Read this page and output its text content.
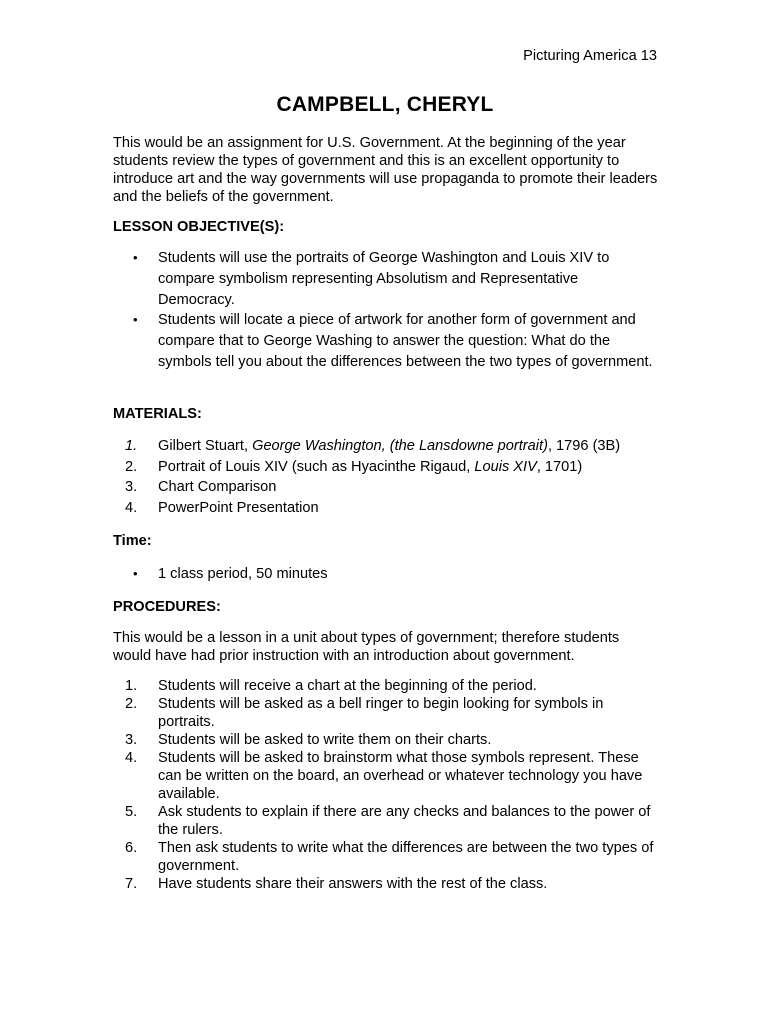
Picturing America 13
CAMPBELL, CHERYL

This would be an assignment for U.S. Government. At the beginning of the year students review the types of government and this is an excellent opportunity to introduce art and the way governments will use propaganda to promote their leaders and the beliefs of the government.

LESSON OBJECTIVE(S):
•	Students will use the portraits of George Washington and Louis XIV to compare symbolism representing Absolutism and Representative Democracy.
•	Students will locate a piece of artwork for another form of government and compare that to George Washing to answer the question: What do the symbols tell you about the differences between the two types of government.
MATERIALS:
1.	Gilbert Stuart, George Washington, (the Lansdowne portrait), 1796 (3B)
2.	Portrait of Louis XIV (such as Hyacinthe Rigaud, Louis XIV, 1701)
3.	Chart Comparison
4.	PowerPoint Presentation
Time:
•	1 class period, 50 minutes
PROCEDURES:

This would be a lesson in a unit about types of government; therefore students would have had prior instruction with an introduction about government.

1.	Students will receive a chart at the beginning of the period.
2.	Students will be asked as a bell ringer to begin looking for symbols in portraits.
3.	Students will be asked to write them on their charts.
4.	Students will be asked to brainstorm what those symbols represent. These can be written on the board, an overhead or whatever technology you have available.
5.	Ask students to explain if there are any checks and balances to the power of the rulers.
6.	Then ask students to write what the differences are between the two types of government.
7.	Have students share their answers with the rest of the class.
